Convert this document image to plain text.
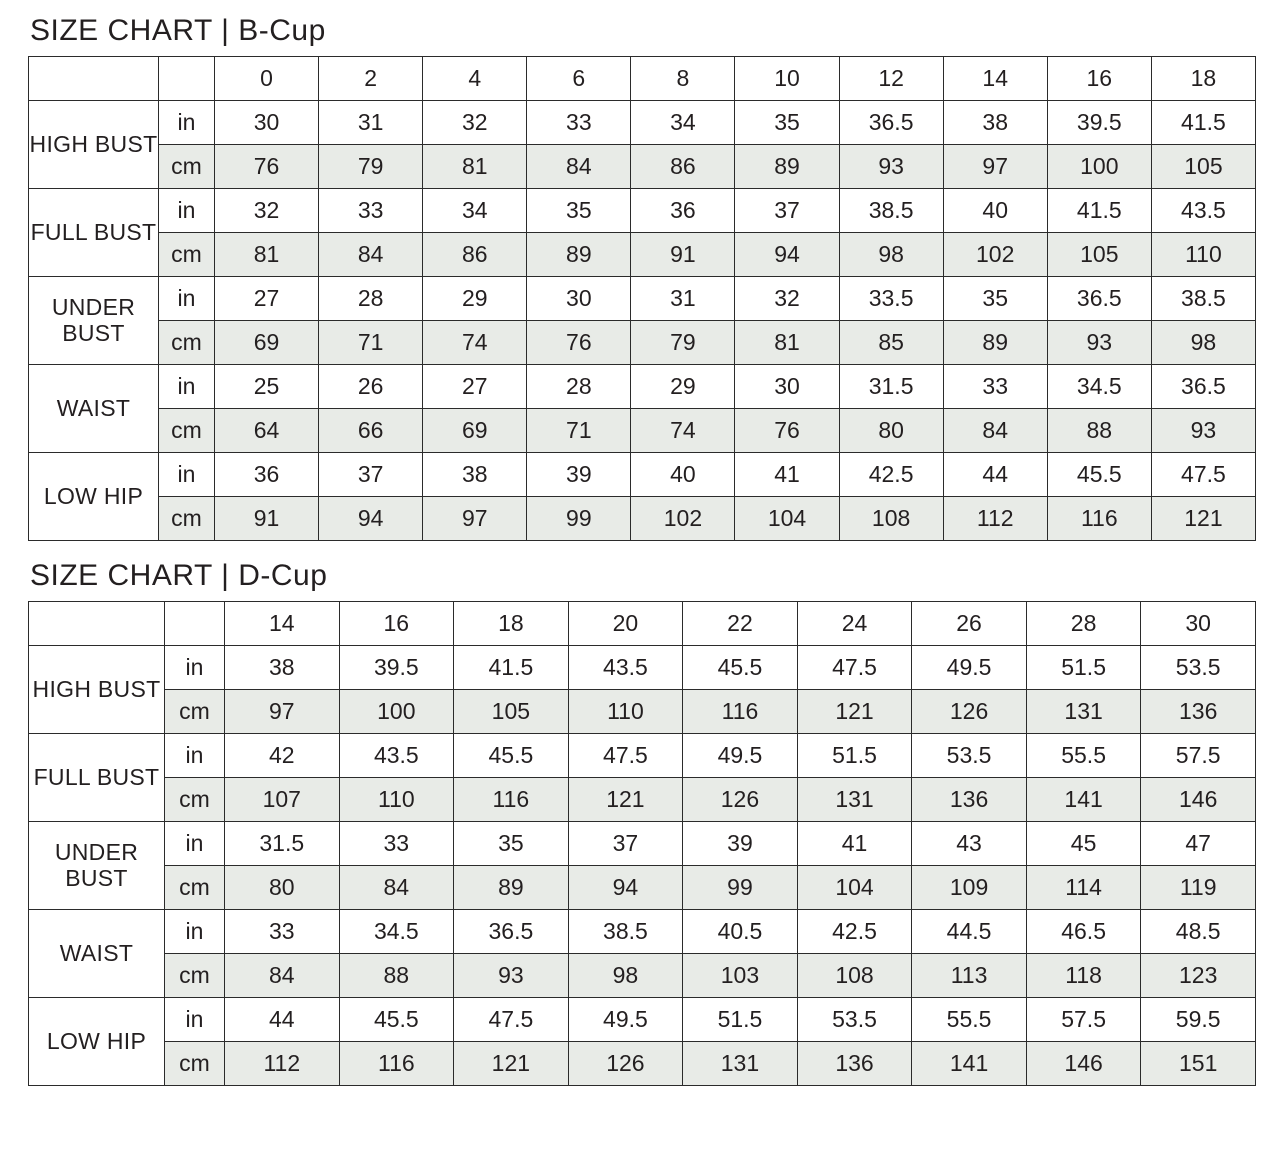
SIZE CHART | B-Cup
		0	2	4	6	8	10	12	14	16	18
HIGH BUST	in	30	31	32	33	34	35	36.5	38	39.5	41.5
	cm	76	79	81	84	86	89	93	97	100	105
FULL BUST	in	32	33	34	35	36	37	38.5	40	41.5	43.5
	cm	81	84	86	89	91	94	98	102	105	110
UNDER BUST	in	27	28	29	30	31	32	33.5	35	36.5	38.5
	cm	69	71	74	76	79	81	85	89	93	98
WAIST	in	25	26	27	28	29	30	31.5	33	34.5	36.5
	cm	64	66	69	71	74	76	80	84	88	93
LOW HIP	in	36	37	38	39	40	41	42.5	44	45.5	47.5
	cm	91	94	97	99	102	104	108	112	116	121
SIZE CHART | D-Cup
		14	16	18	20	22	24	26	28	30
HIGH BUST	in	38	39.5	41.5	43.5	45.5	47.5	49.5	51.5	53.5
	cm	97	100	105	110	116	121	126	131	136
FULL BUST	in	42	43.5	45.5	47.5	49.5	51.5	53.5	55.5	57.5
	cm	107	110	116	121	126	131	136	141	146
UNDER BUST	in	31.5	33	35	37	39	41	43	45	47
	cm	80	84	89	94	99	104	109	114	119
WAIST	in	33	34.5	36.5	38.5	40.5	42.5	44.5	46.5	48.5
	cm	84	88	93	98	103	108	113	118	123
LOW HIP	in	44	45.5	47.5	49.5	51.5	53.5	55.5	57.5	59.5
	cm	112	116	121	126	131	136	141	146	151
